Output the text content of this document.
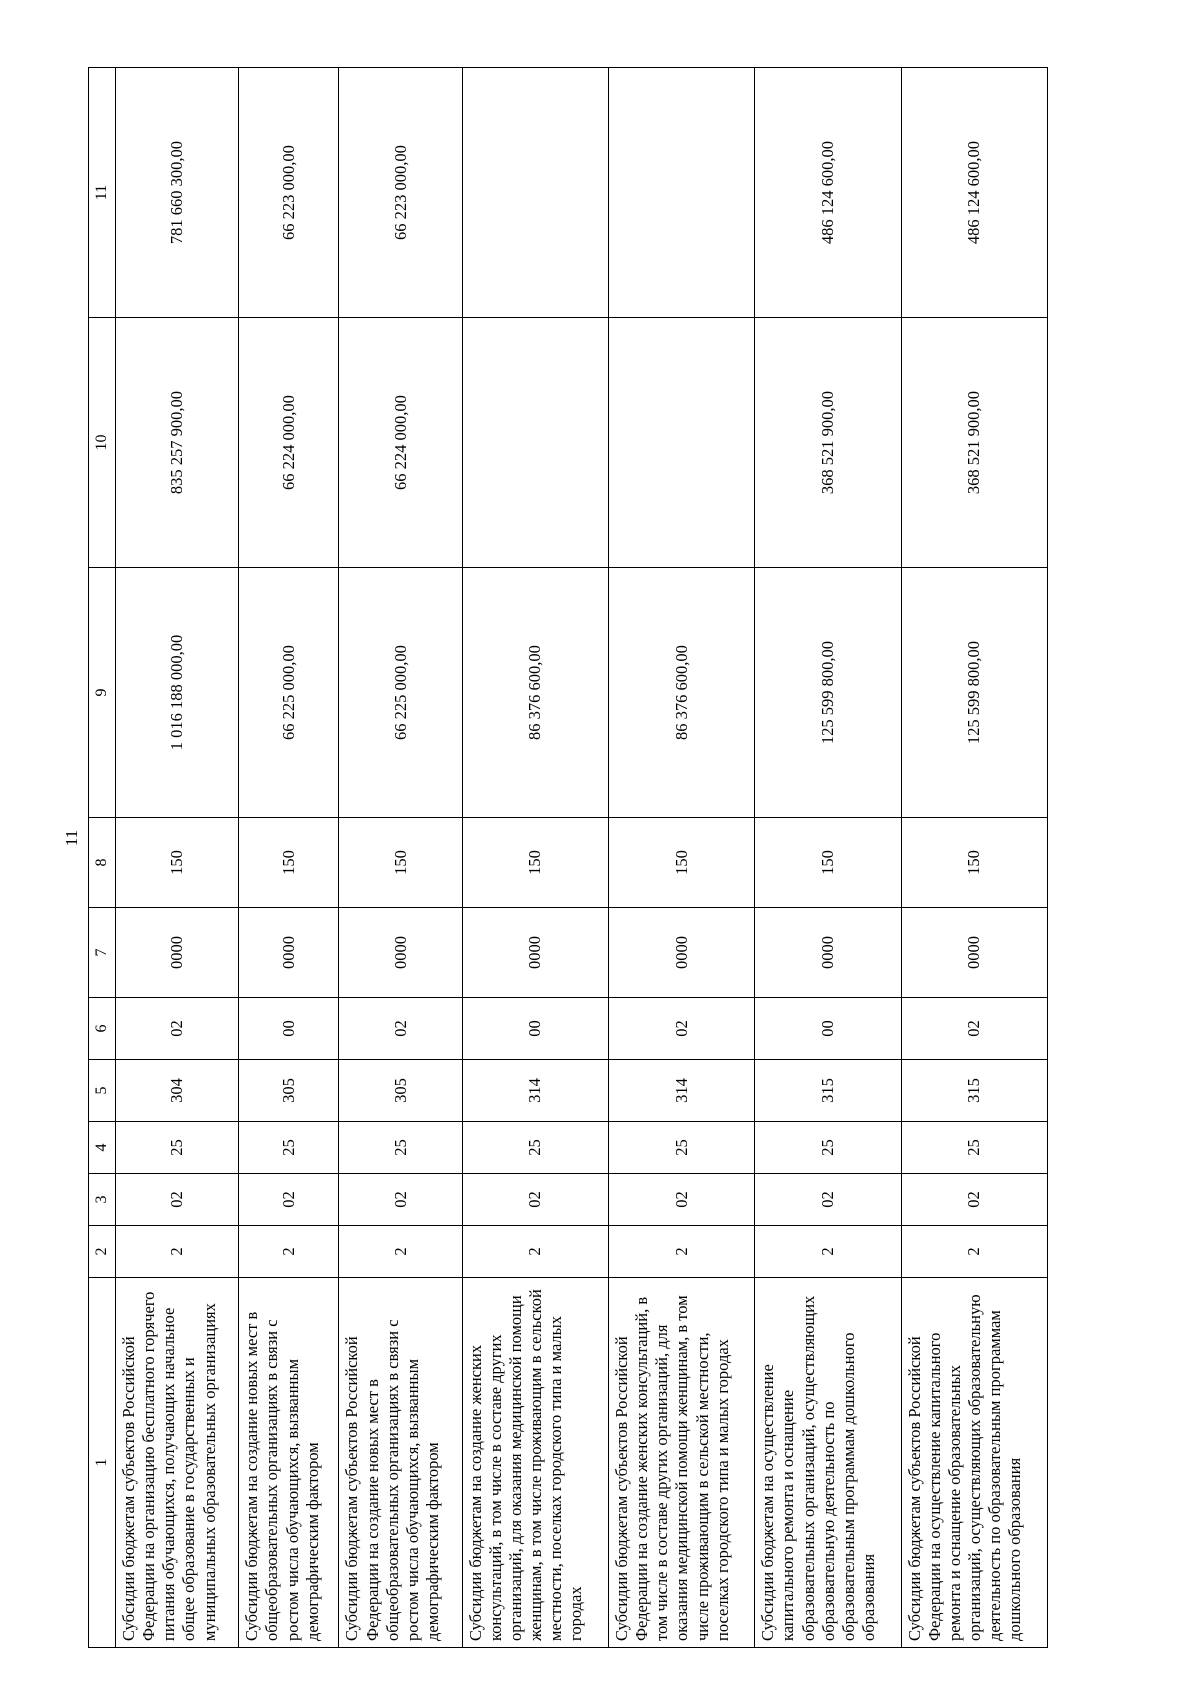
11
1	2	3	4	5	6	7	8	9	10	11
Субсидии бюджетам субъектов Российской Федерации на организацию бесплатного горячего питания обучающихся, получающих начальное общее образование в государственных и муниципальных образовательных организациях	2	02	25	304	02	0000	150	1 016 188 000,00	835 257 900,00	781 660 300,00
Субсидии бюджетам на создание новых мест в общеобразовательных организациях в связи с ростом числа обучающихся, вызванным демографическим фактором	2	02	25	305	00	0000	150	66 225 000,00	66 224 000,00	66 223 000,00
Субсидии бюджетам субъектов Российской Федерации на создание новых мест в общеобразовательных организациях в связи с ростом числа обучающихся, вызванным демографическим фактором	2	02	25	305	02	0000	150	66 225 000,00	66 224 000,00	66 223 000,00
Субсидии бюджетам на создание женских консультаций, в том числе в составе других организаций, для оказания медицинской помощи женщинам, в том числе проживающим в сельской местности, поселках городского типа и малых городах	2	02	25	314	00	0000	150	86 376 600,00		
Субсидии бюджетам субъектов Российской Федерации на создание женских консультаций, в том числе в составе других организаций, для оказания медицинской помощи женщинам, в том числе проживающим в сельской местности, поселках городского типа и малых городах	2	02	25	314	02	0000	150	86 376 600,00		
Субсидии бюджетам на осуществление капитального ремонта и оснащение образовательных организаций, осуществляющих образовательную деятельность по образовательным программам дошкольного образования	2	02	25	315	00	0000	150	125 599 800,00	368 521 900,00	486 124 600,00
Субсидии бюджетам субъектов Российской Федерации на осуществление капитального ремонта и оснащение образовательных организаций, осуществляющих образовательную деятельность по образовательным программам дошкольного образования	2	02	25	315	02	0000	150	125 599 800,00	368 521 900,00	486 124 600,00
